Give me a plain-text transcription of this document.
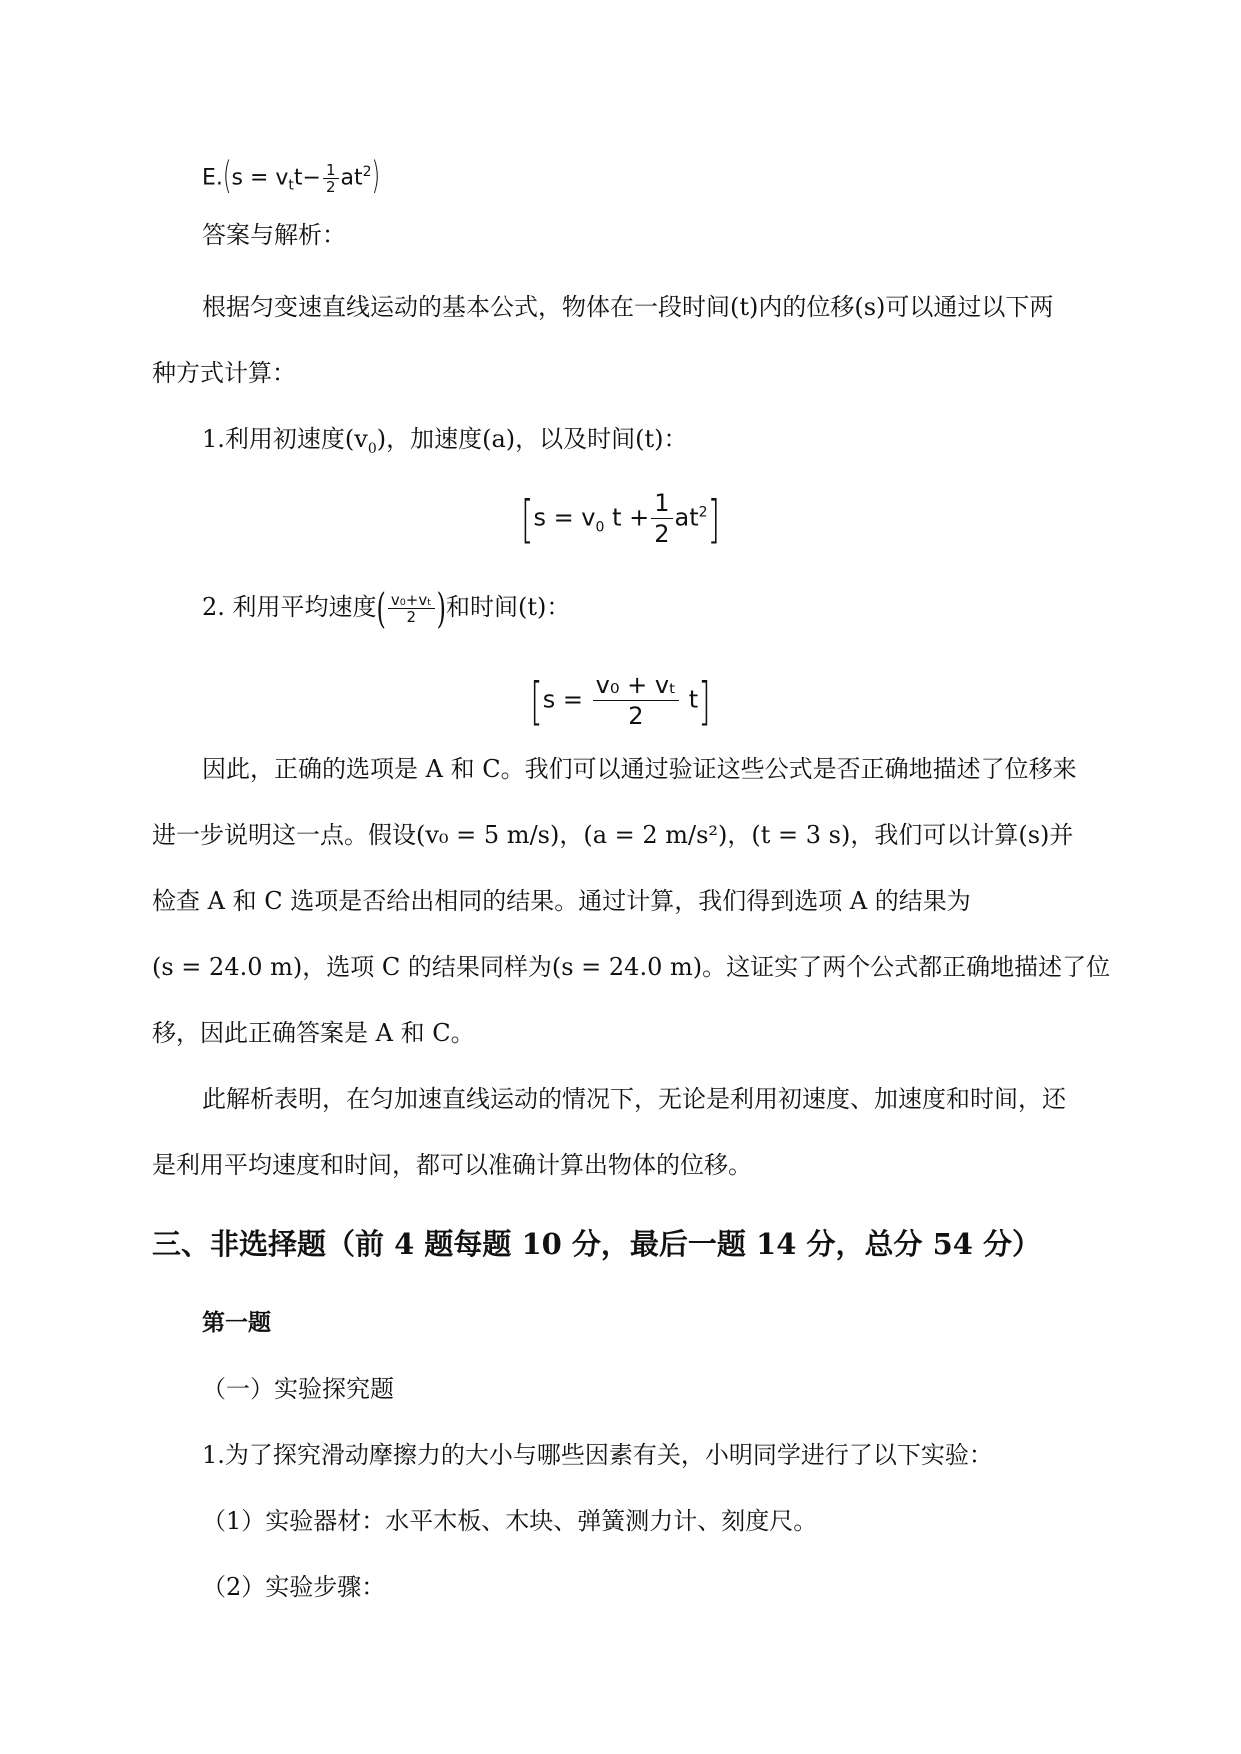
$E.(s = v_tt- \frac{1}{2} at^2)$
答案与解析：
根据匀变速直线运动的基本公式，物体在一段时间(t)内的位移(s)可以通过以下两
种方式计算：
1.利用初速度$(v_0)$，加速度(a)，以及时间(t)：
[$s = v_0$ $t + \frac{1}{2} at^2$]
2. 利用平均速度( $\frac{\text{v₀+vₜ}}{2}$ )和时间(t)：
$[s = \frac{\text{v₀ + vₜ}}{2} t]$
因此，正确的选项是 A 和 C。我们可以通过验证这些公式是否正确地描述了位移来
进一步说明这一点。假设(v₀ = 5 m/s)，(a = 2 m/s²)，(t = 3 s)，我们可以计算(s)并
检查 A 和 C 选项是否给出相同的结果。通过计算，我们得到选项 A 的结果为
(s = 24.0 m)，选项 C 的结果同样为(s = 24.0 m)。这证实了两个公式都正确地描述了位
移，因此正确答案是 A 和 C。
此解析表明，在匀加速直线运动的情况下，无论是利用初速度、加速度和时间，还
是利用平均速度和时间，都可以准确计算出物体的位移。
三、非选择题（前 4 题每题 10 分，最后一题 14 分，总分 54 分）
第一题
（一）实验探究题
1.为了探究滑动摩擦力的大小与哪些因素有关，小明同学进行了以下实验：
（1）实验器材：水平木板、木块、弹簧测力计、刻度尺。
（2）实验步骤：
